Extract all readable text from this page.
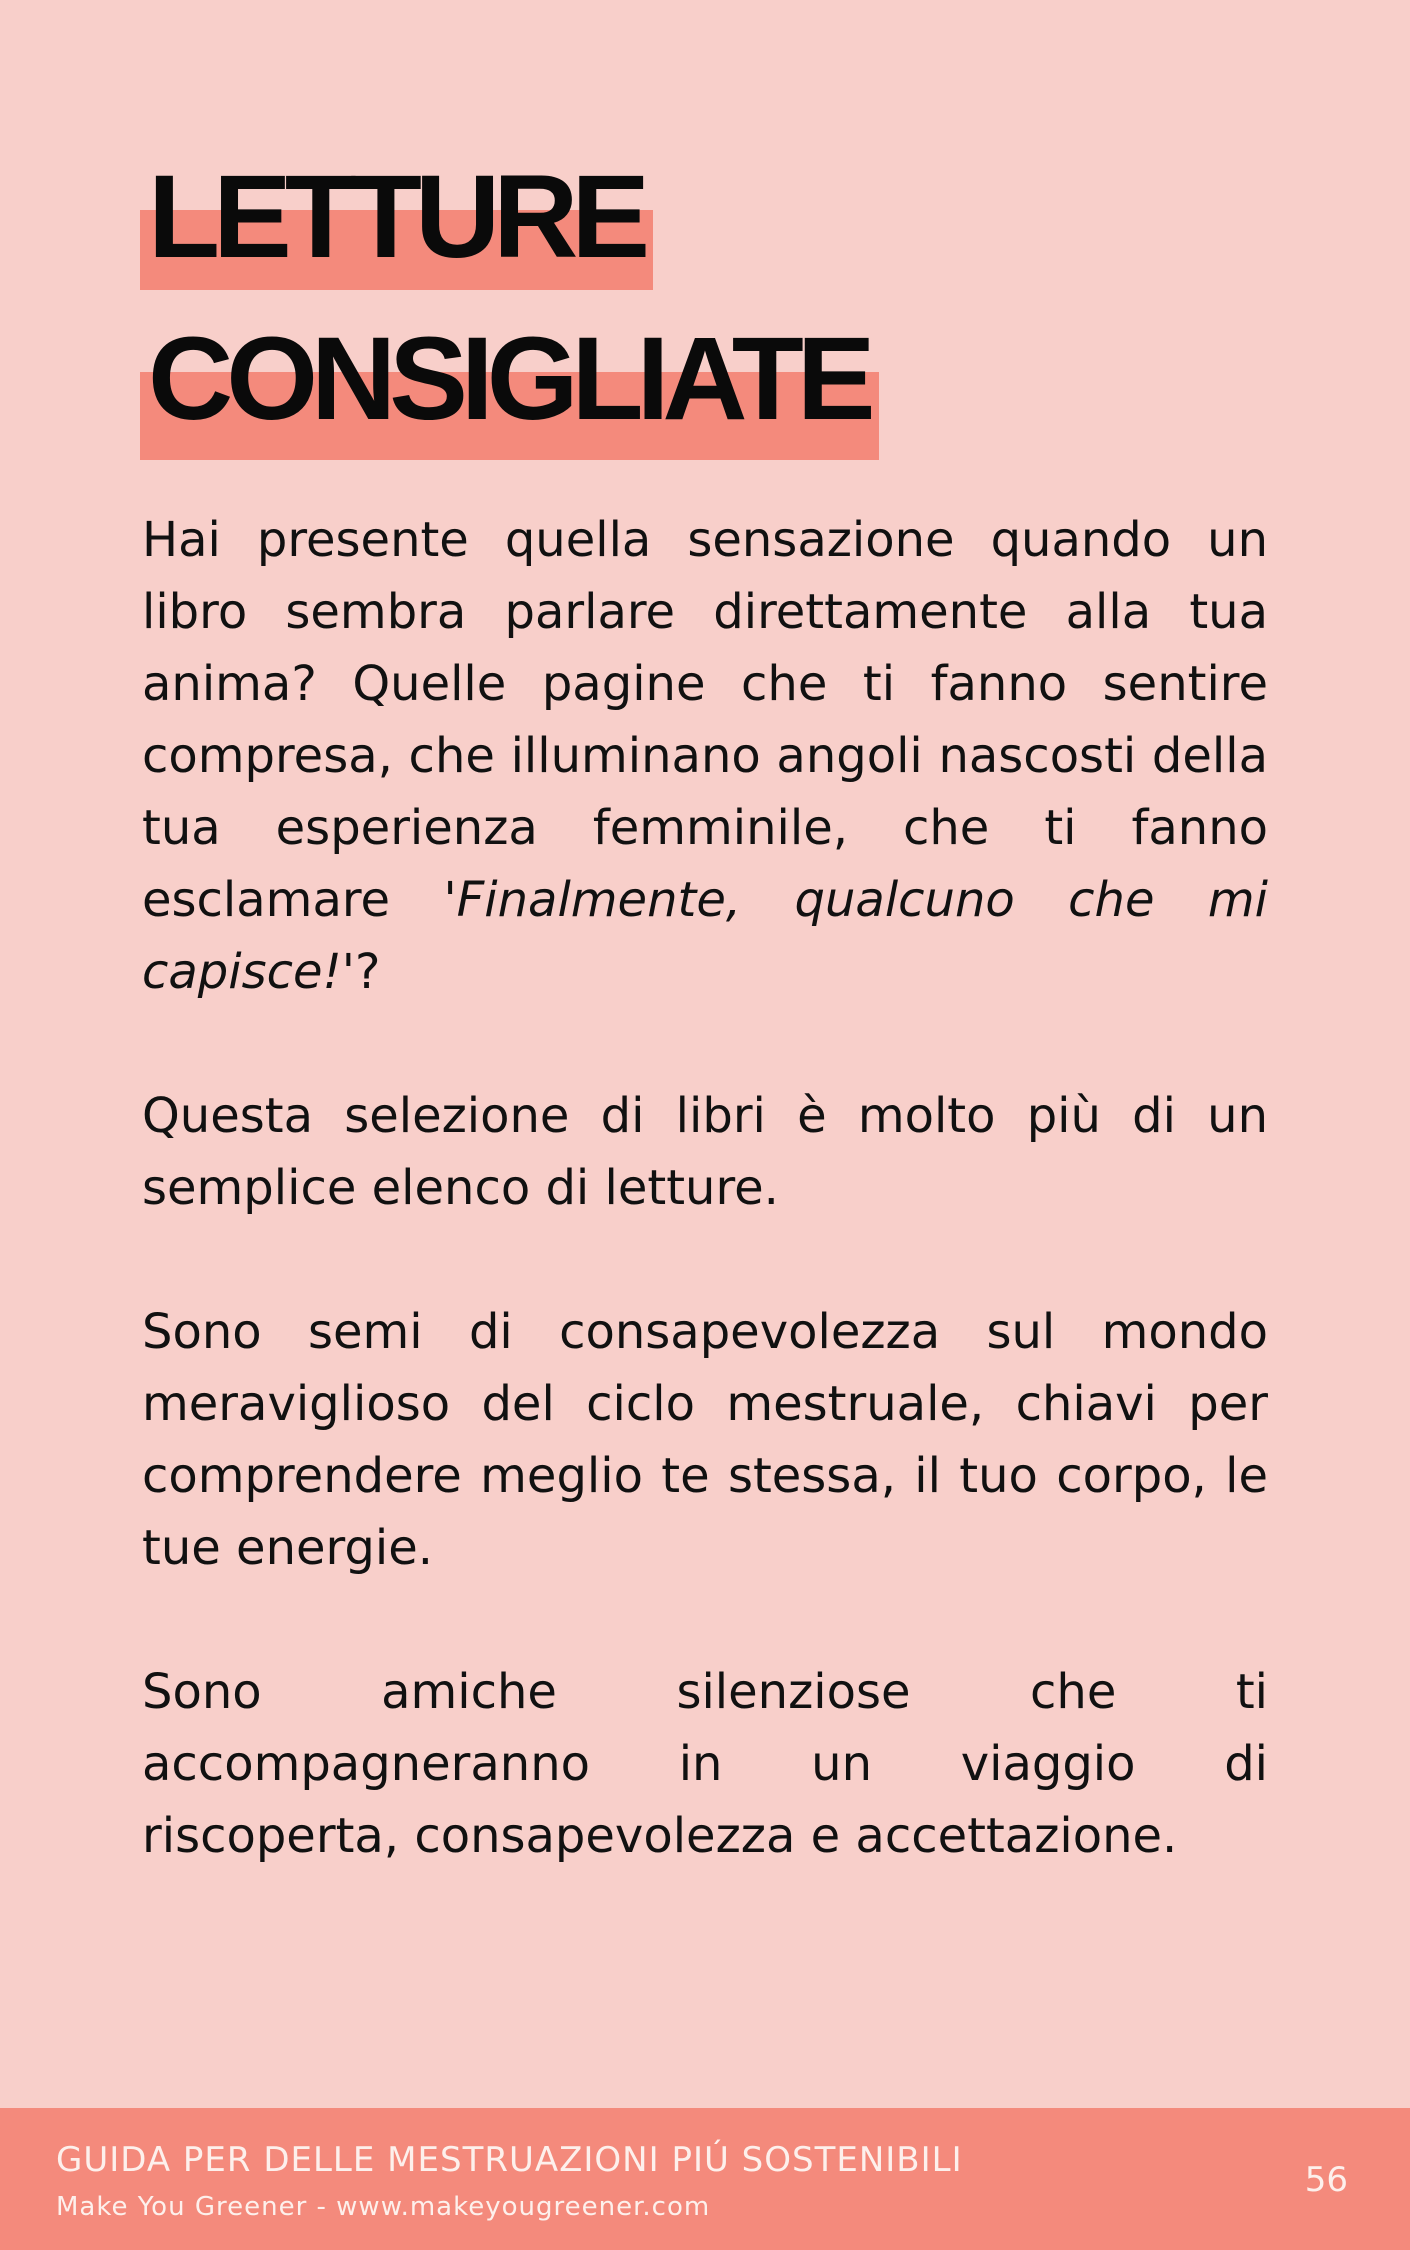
LETTURE
CONSIGLIATE

Hai presente quella sensazione quando un libro sembra parlare direttamente alla tua anima? Quelle pagine che ti fanno sentire compresa, che illuminano angoli nascosti della tua esperienza femminile, che ti fanno esclamare 'Finalmente, qualcuno che mi capisce!'?

Questa selezione di libri è molto più di un semplice elenco di letture.

Sono semi di consapevolezza sul mondo meraviglioso del ciclo mestruale, chiavi per comprendere meglio te stessa, il tuo corpo, le tue energie.

Sono amiche silenziose che ti accompagneranno in un viaggio di
riscoperta, consapevolezza e accettazione.

GUIDA PER DELLE MESTRUAZIONI PIÚ SOSTENIBILI
Make You Greener - www.makeyougreener.com
56
